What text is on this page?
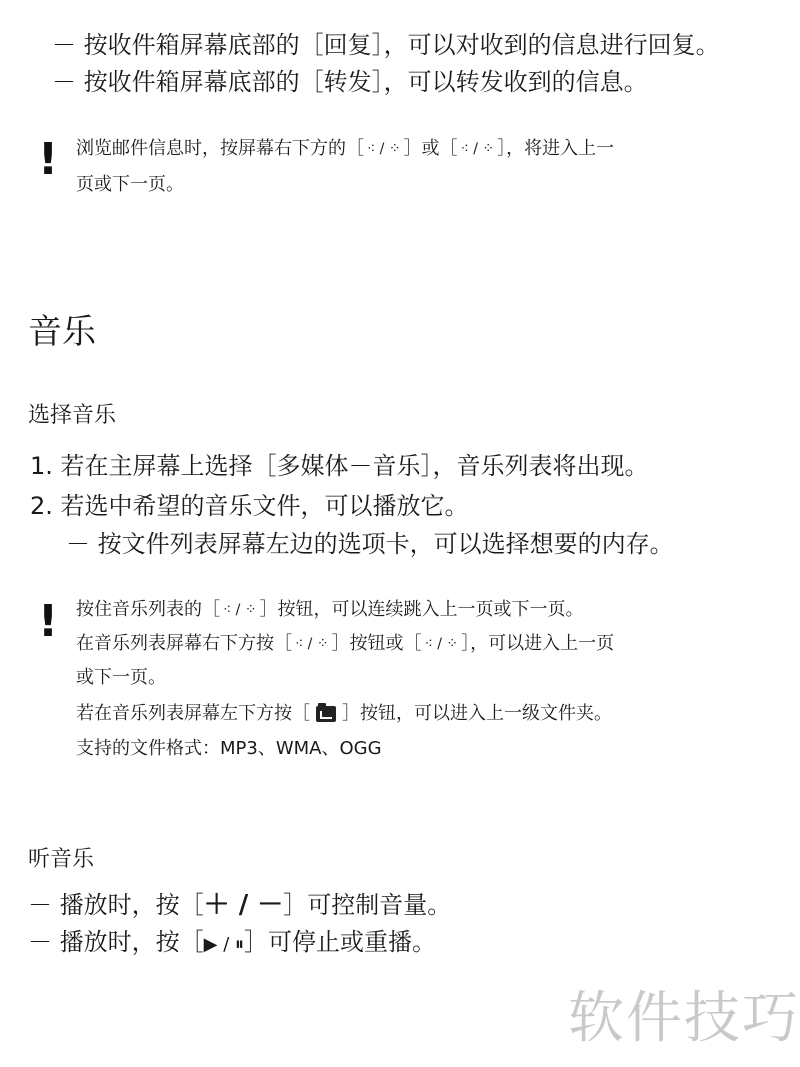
－ 按收件箱屏幕底部的［回复］，可以对收到的信息进行回复。
－ 按收件箱屏幕底部的［转发］，可以转发收到的信息。
! 浏览邮件信息时，按屏幕右下方的［ ⁖ / ⁘ ］或［ ⁖ / ⁘ ］，将进入上一
页或下一页。
音乐
选择音乐
1. 若在主屏幕上选择［多媒体－音乐］，音乐列表将出现。
2. 若选中希望的音乐文件，可以播放它。
－ 按文件列表屏幕左边的选项卡，可以选择想要的内存。
! 按住音乐列表的［ ⁖ / ⁘ ］按钮，可以连续跳入上一页或下一页。
在音乐列表屏幕右下方按［ ⁖ / ⁘ ］按钮或［ ⁖ / ⁘ ］，可以进入上一页
或下一页。
若在音乐列表屏幕左下方按［ ］按钮，可以进入上一级文件夹。
支持的文件格式：MP3、WMA、OGG
听音乐
－ 播放时，按［＋ / －］可控制音量。
－ 播放时，按［▶ / ⏸］可停止或重播。
软件技巧
